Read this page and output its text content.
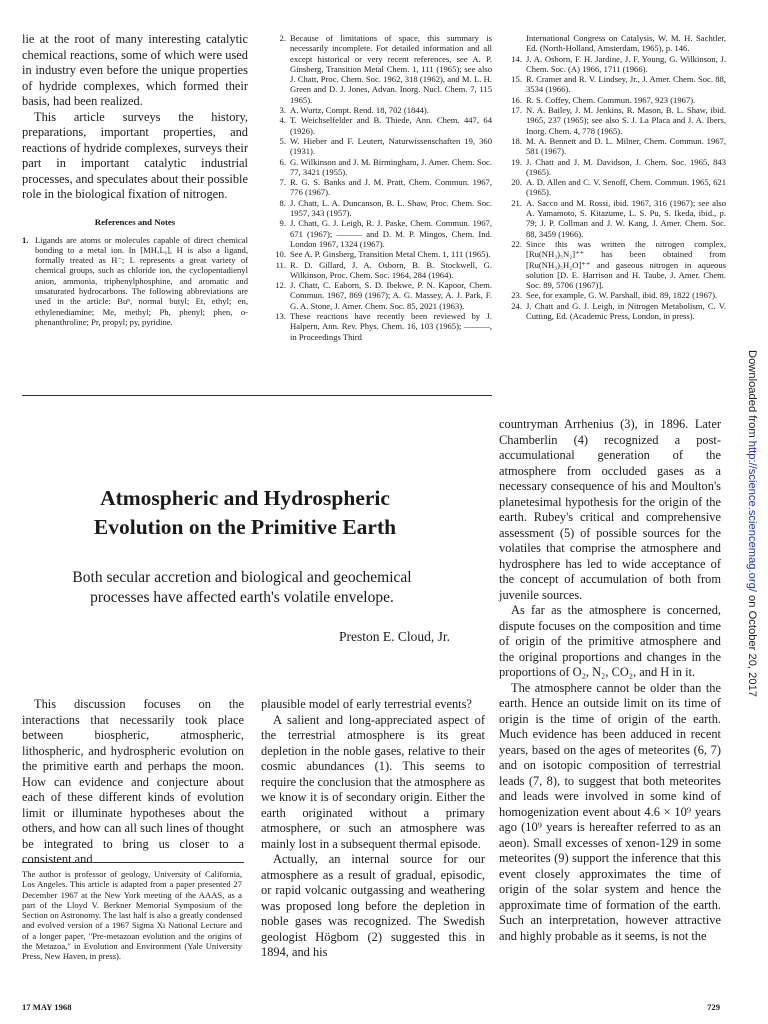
lie at the root of many interesting catalytic chemical reactions, some of which were used in industry even before the unique properties of hydride complexes, which formed their basis, had been realized.

This article surveys the history, preparations, important properties, and reactions of hydride complexes, surveys their part in important catalytic industrial processes, and speculates about their possible role in the biological fixation of nitrogen.

References and Notes
1. Ligands are atoms or molecules capable of direct chemical bonding to a metal ion. In [MHₓLᵧ], H is also a ligand, formally treated as H⁻; L represents a great variety of chemical groups, such as chloride ion, the cyclopentadienyl anion, ammonia, triphenylphosphine, and aromatic and unsaturated hydrocarbons. The following abbreviations are used in the article: Buⁿ, normal butyl; Et, ethyl; en, ethylenediamine; Me, methyl; Ph, phenyl; phen, o-phenanthroline; Pr, propyl; py, pyridine.
2. Because of limitations of space, this summary is necessarily incomplete. For detailed information and all except historical or very recent references, see A. P. Ginsberg, Transition Metal Chem. 1, 111 (1965); see also J. Chatt, Proc. Chem. Soc. 1962, 318 (1962), and M. L. H. Green and D. J. Jones, Advan. Inorg. Nucl. Chem. 7, 115 1965).
3. A. Wurtz, Compt. Rend. 18, 702 (1844).
4. T. Weichselfelder and B. Thiede, Ann. Chem. 447, 64 (1926).
5. W. Hieber and F. Leutert, Naturwissenschaften 19, 360 (1931).
6. G. Wilkinson and J. M. Birmingham, J. Amer. Chem. Soc. 77, 3421 (1955).
7. R. G. S. Banks and J. M. Pratt, Chem. Commun. 1967, 776 (1967).
8. J. Chatt, L. A. Duncanson, B. L. Shaw, Proc. Chem. Soc. 1957, 343 (1957).
9. J. Chatt, G. J. Leigh, R. J. Paske, Chem. Commun. 1967, 671 (1967); ——— and D. M. P. Mingos, Chem. Ind. London 1967, 1324 (1967).
10. See A. P. Ginsberg, Transition Metal Chem. 1, 111 (1965).
11. R. D. Gillard, J. A. Osborn, B. B. Stockwell, G. Wilkinson, Proc. Chem. Soc. 1964, 284 (1964).
12. J. Chatt, C. Eaborn, S. D. Ibekwe, P. N. Kapoor, Chem. Commun. 1967, 869 (1967); A. G. Massey, A. J. Park, F. G. A. Stone, J. Amer. Chem. Soc. 85, 2021 (1963).
13. These reactions have recently been reviewed by J. Halpern, Ann. Rev. Phys. Chem. 16, 103 (1965); ———, in Proceedings Third

International Congress on Catalysis, W. M. H. Sachtler, Ed. (North-Holland, Amsterdam, 1965), p. 146.

14. J. A. Osborn, F. H. Jardine, J. F. Young, G. Wilkinson, J. Chem. Soc. (A) 1966, 1711 (1966).
15. R. Cramer and R. V. Lindsey, Jr., J. Amer. Chem. Soc. 88, 3534 (1966).
16. R. S. Coffey, Chem. Commun. 1967, 923 (1967).
17. N. A. Bailey, J. M. Jenkins, R. Mason, B. L. Shaw, ibid. 1965, 237 (1965); see also S. J. La Placa and J. A. Ibers, Inorg. Chem. 4, 778 (1965).
18. M. A. Bennett and D. L. Milner, Chem. Commun. 1967, 581 (1967).
19. J. Chatt and J. M. Davidson, J. Chem. Soc. 1965, 843 (1965).
20. A. D. Allen and C. V. Senoff, Chem. Commun. 1965, 621 (1965).
21. A. Sacco and M. Rossi, ibid. 1967, 316 (1967); see also A. Yamamoto, S. Kitazume, L. S. Pu, S. Ikeda, ibid., p. 79; J. P. Collman and J. W. Kang, J. Amer. Chem. Soc. 88, 3459 (1966).
22. Since this was written the nitrogen complex, [Ru(NH₃)₅N₂]⁺⁺ has been obtained from [Ru(NH₃)₅H₂O]⁺⁺ and gaseous nitrogen in aqueous solution [D. E. Harrison and H. Taube, J. Amer. Chem. Soc. 89, 5706 (1967)].
23. See, for example, G. W. Parshall, ibid. 89, 1822 (1967).
24. J. Chatt and G. J. Leigh, in Nitrogen Metabolism, C. V. Cutting, Ed. (Academic Press, London, in press).
Atmospheric and Hydrospheric
Evolution on the Primitive Earth
Both secular accretion and biological and geochemical
processes have affected earth's volatile envelope.
Preston E. Cloud, Jr.

This discussion focuses on the interactions that necessarily took place between biospheric, atmospheric, lithospheric, and hydrospheric evolution on the primitive earth and perhaps the moon. How can evidence and conjecture about each of these different kinds of evolution limit or illuminate hypotheses about the others, and how can all such lines of thought be integrated to bring us closer to a consistent and

The author is professor of geology, University of California, Los Angeles. This article is adapted from a paper presented 27 December 1967 at the New York meeting of the AAAS, as a part of the Lloyd V. Berkner Memorial Symposium of the Section on Astronomy. The last half is also a greatly condensed and evolved version of a 1967 Sigma Xi National Lecture and of a longer paper, "Pre-metazoan evolution and the origins of the Metazoa," in Evolution and Environment (Yale University Press, New Haven, in press).

plausible model of early terrestrial events?

A salient and long-appreciated aspect of the terrestrial atmosphere is its great depletion in the noble gases, relative to their cosmic abundances (1). This seems to require the conclusion that the atmosphere as we know it is of secondary origin. Either the earth originated without a primary atmosphere, or such an atmosphere was mainly lost in a subsequent thermal episode.

Actually, an internal source for our atmosphere as a result of gradual, episodic, or rapid volcanic outgassing and weathering was proposed long before the depletion in noble gases was recognized. The Swedish geologist Högbom (2) suggested this in 1894, and his

countryman Arrhenius (3), in 1896. Later Chamberlin (4) recognized a post-accumulational generation of the atmosphere from occluded gases as a necessary consequence of his and Moulton's planetesimal hypothesis for the origin of the earth. Rubey's critical and comprehensive assessment (5) of possible sources for the volatiles that comprise the atmosphere and hydrosphere has led to wide acceptance of the concept of accumulation of both from juvenile sources.

As far as the atmosphere is concerned, dispute focuses on the composition and time of origin of the primitive atmosphere and the original proportions and changes in the proportions of O₂, N₂, CO₂, and H in it.

The atmosphere cannot be older than the earth. Hence an outside limit on its time of origin is the time of origin of the earth. Much evidence has been adduced in recent years, based on the ages of meteorites (6, 7) and on isotopic composition of terrestrial leads (7, 8), to suggest that both meteorites and leads were involved in some kind of homogenization event about 4.6 × 10⁹ years ago (10⁹ years is hereafter referred to as an aeon). Small excesses of xenon-129 in some meteorites (9) support the inference that this event closely approximates the time of origin of the solar system and hence the approximate time of formation of the earth. Such an interpretation, however attractive and highly probable as it seems, is not the

Downloaded from http://science.sciencemag.org/ on October 20, 2017
17 MAY 1968	729
